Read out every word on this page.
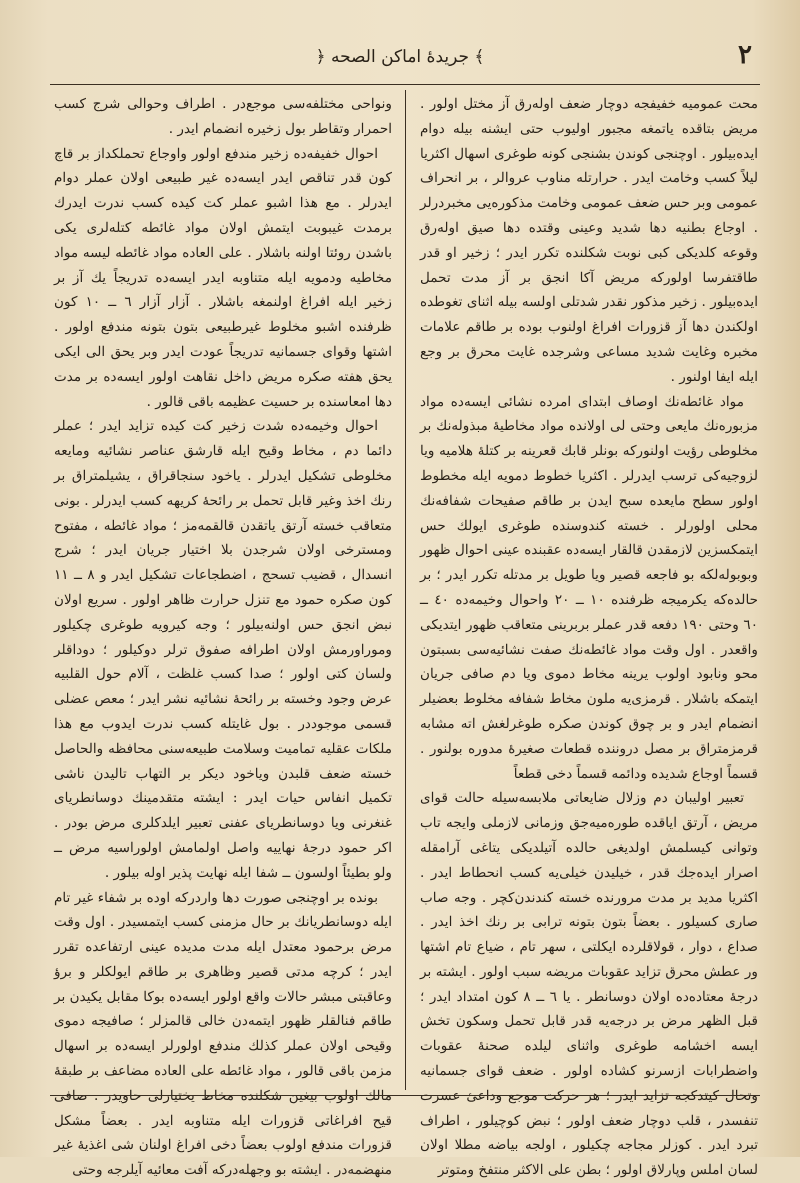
٢
﴿ جريدهٔ اماكن الصحه ﴾

محت عمومیه خفیفجه دوچار ضعف اولەرق آز مختل اولور . مریض بتاقده یاتمغه مجبور اولیوب حتی ایشنه بیله دوام ایده‌بیلور . اوچنجی کوندن بشنجی کونه طوغری اسهال اکثریا لیلاً کسب وخامت ایدر . حرارتله مناوب عروالر ، بر انحراف عمومی وبر حس ضعف عمومی وخامت مذکوره‌یی مخبر‌درلر . اوجاع بطنیه دها شدید وعینی وقتده دها صیق اولەرق وقوعه کلدیکی کبی نوبت شکلنده تکرر ایدر ؛ زخیر او قدر طاقتفرسا اولورکه مریض آکا انجق بر آز مدت تحمل ایده‌بیلور . زخیر مذکور نقدر شدتلی اولسه بیله اثنای تغوطده اولکندن دها آز قزورات افراغ اولنوب بوده بر طاقم علامات مخبره وغایت شدید مساعی وشرجده غایت محرق بر وجع ایله ایفا اولنور .

مواد غائطه‌نك اوصاف ابتدای امرده نشائی ایسه‌ده مواد مزبوره‌نك مایعی وحتی لی اولانده مواد مخاطیهٔ مبذوله‌نك بر مخلوطی رؤیت اولنورکه بونلر قابك قعرینه بر کتلهٔ هلامیه ویا لزوجیه‌کی ترسب ایدرلر . اکثریا خطوط دمویه ایله مخطوط اولور سطح مایعده سبح ایدن بر طاقم صفیحات شفافه‌نك محلی اولورلر . خسته کندوسنده طوغری ایولك حس ایتمکسزین لازمقدن قالقار ایسه‌ده عقبنده عینی احوال ظهور وبوبوله‌لکه بو فاجعه قصیر ویا طویل بر مدتله تکرر ایدر ؛ بر حالده‌که یکرمیجه ظرفنده ١٠ ــ ٢٠ واحوال وخیمه‌ده ٤٠ ــ ٦٠ وحتی ١٩٠ دفعه قدر عملر بربرینی متعاقب ظهور ایتدیکی واقعدر . اول وقت مواد غائطه‌نك صفت نشائیه‌سی بسبتون محو ونابود اولوب یرینه مخاط دموی ویا دم صافی جریان ایتمکه باشلار . قرمزی‌یه ملون مخاط شفافه مخلوط بعضیلر انضمام ایدر و بر چوق کوندن صکره طوغرلغش اته مشابه قرمزمتراق بر مصل دروننده قطعات صغیرهٔ مدوره بولنور . قسماً اوجاع شدیده ودائمه قسماً دخی قطعاً

تعبیر اولیبان دم وزلال ضایعاتی ملابسه‌سیله حالت قوای مریض ، آرتق ایاقده طورەمیه‌جق وزمانی لازملی وایجه تاب وتوانی کیسلمش اولدیغی حالده آتیلدیکی یتاغی آرامقله اصرار ایده‌جك قدر ، خیلیدن خیلی‌یه کسب انحطاط ایدر . اکثریا مدید بر مدت مرورنده خسته کندندن‌کچر . وجه صاب صاری کسیلور . بعضاً بتون بتونه ترابی بر رنك اخذ ایدر . صداع ، دوار ، قولاقلرده ایکلتی ، سهر تام ، ضیاع تام اشتها ور عطش محرق تزاید عقوبات مریضه سبب اولور . ایشته بر درجهٔ معتاده‌ده اولان دوسانطر . یا ٦ ــ ٨ کون امتداد ایدر ؛ قبل الظهر مرض بر درجه‌یه قدر قابل تحمل وسکون‌ تخش ایسه اخشامه طوغری واثنای لیلده صحنهٔ عقوبات واضطرابات ازسرنو کشاده اولور . ضعف قوای جسمانیه وتحال کیتدکجه تزاید ایدر ؛ هر حرکت موجع وداعیٔ عسرت تنفسدر ، قلب دوچار ضعف اولور ؛ نبض کوچیلور ، اطراف تبرد ایدر . کوزلر مجاجه چکیلور ، اولجه بیاضه مطلا اولان لسان املس وپارلاق اولور ؛ بطن على الاکثر منتفخ ومتوتر

ونواحی مختلفه‌سی موجع‌در . اطراف وحوالی شرج کسب احمرار وتقاطر بول زخیره انضمام ایدر .

احوال خفیفه‌ده زخیر مندفع اولور واوجاع تحملکداز بر قاچ کون قدر تناقص ایدر ایسه‌ده غیر طبیعی اولان عملر دوام ایدرلر . مع هذا اشبو عملر کت کیده کسب ندرت ایدرك برمدت غیبوبت ایتمش اولان مواد غائطه کتله‌لری یکی باشدن روئتا اولنه باشلار . على العاده مواد غائطه لیسه مواد مخاطیه ودمویه ایله متناوبه ایدر ایسه‌ده تدریجاً یك آز بر زخیر ایله افراغ اولنمغه باشلار . آزار آزار ٦ ــ ١٠ کون ظرفنده اشبو مخلوط غیرطبیعی بتون بتونه مندفع اولور . اشتها وقوای جسمانیه تدریجاً عودت ایدر وبر یحق الی ایکی یحق هفته صکره مریض داخل نقاهت اولور ایسه‌ده بر مدت دها امعاسنده بر حسیت عظیمه باقی قالور .

احوال وخیمه‌ده شدت زخیر کت کیده تزاید ایدر ؛ عملر دائما دم ، مخاط وقیح ایله قارشق عناصر نشائیه ومایعه مخلوطی تشکیل ایدرلر . یاخود سنجاقراق ، یشیلمتراق بر رنك اخذ وغیر قابل تحمل بر رائحهٔ کریهه کسب ایدرلر . بونی متعاقب خسته آرتق یاتقدن قالقمەمز ؛ مواد غائطه ، مفتوح ومسترخی اولان شرجدن بلا اختیار جریان ایدر ؛ شرج انسدال ، قضیب تسحج ، اضطجاعات تشکیل ایدر و ٨ ــ ١١ کون صکره حمود مع تنزل حرارت ظاهر اولور . سریع اولان نبض انجق حس اولنه‌بیلور ؛ وجه کیرویه طوغری چکیلور وموراورمش اولان اطرافه صفوق ترلر دوکیلور ؛ دوداقلر ولسان کتی اولور ؛ صدا کسب غلظت ، آلام حول القلبیه عرض وجود وخسته بر رائحهٔ نشائیه نشر ایدر ؛ معص عضلی قسمی موجوددر . بول غایتله کسب ندرت ایدوب مع هذا ملکات عقلیه تمامیت وسلامت طبیعه‌سنی محافظه والحاصل خسته ضعف قلبدن ویاخود دیکر بر التهاب تالیدن ناشی تکمیل انفاس حیات ایدر : ایشته متقدمینك دوسانطریای غنغرنی ویا دوسانطریای عفنی تعبیر ایلدکلری مرض بودر . اکر حمود درجهٔ نهاییه واصل اولمامش اولوراسیه مرض ــ ولو بطیئاً اولسون ــ شفا ایله نهایت پذیر اوله بیلور .

بونده بر اوچنجی صورت دها واردرکه اوده بر شفاء غیر تام ایله دوسانطریانك بر حال مزمنی کسب ایتمسیدر . اول وقت مرض برحمود معتدل ایله مدت مدیده عینی ارتفاعده تقرر ایدر ؛ کرچه مدتی قصیر وظاهری بر طاقم ایولکلر و برؤ وعاقبتی مبشر حالات واقع اولور ایسه‌ده بوکا مقابل یکیدن بر طاقم فنالقلر ظهور ایتمه‌دن خالی قالمزلر ؛ صافیجه دموی وقیحی اولان عملر کذلك مندفع اولورلر ایسه‌ده بر اسهال مزمن باقی قالور ، مواد غائطه على العاده مضاعف بر طبقهٔ مالك اولوب بیغین شکلنده مخاط یختیارلی حاویدر . صافی قیح افراغاتی قزورات ایله متناوبه ایدر . بعضاً مشکل قزورات مندفع اولوب بعضاً دخی افراغ اولنان شی اغذیهٔ غیر منهضمه‌در . ایشته بو وجهله‌درکه آفت معائیه آیلرجه وحتی
